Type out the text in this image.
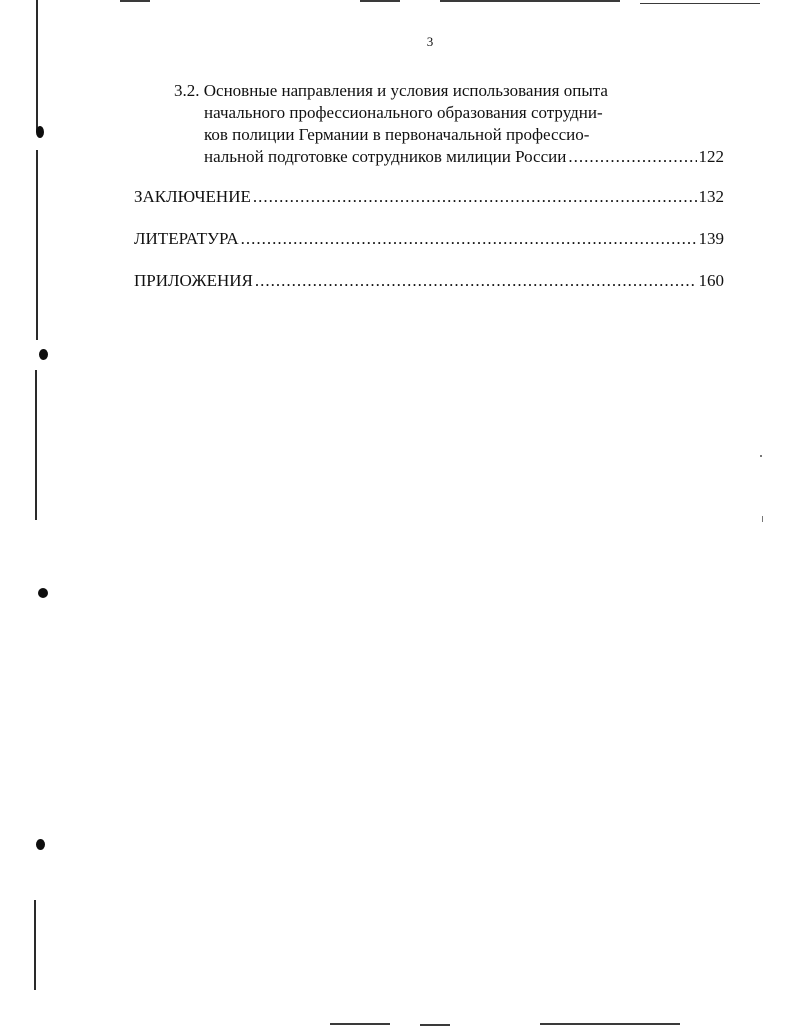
3
3.2. Основные направления и условия использования опыта
начального профессионального образования сотрудни-
ков полиции Германии в первоначальной профессио-
нальной подготовке сотрудников милиции России .....	122
ЗАКЛЮЧЕНИЕ .....	132
ЛИТЕРАТУРА .....	139
ПРИЛОЖЕНИЯ .....	160
